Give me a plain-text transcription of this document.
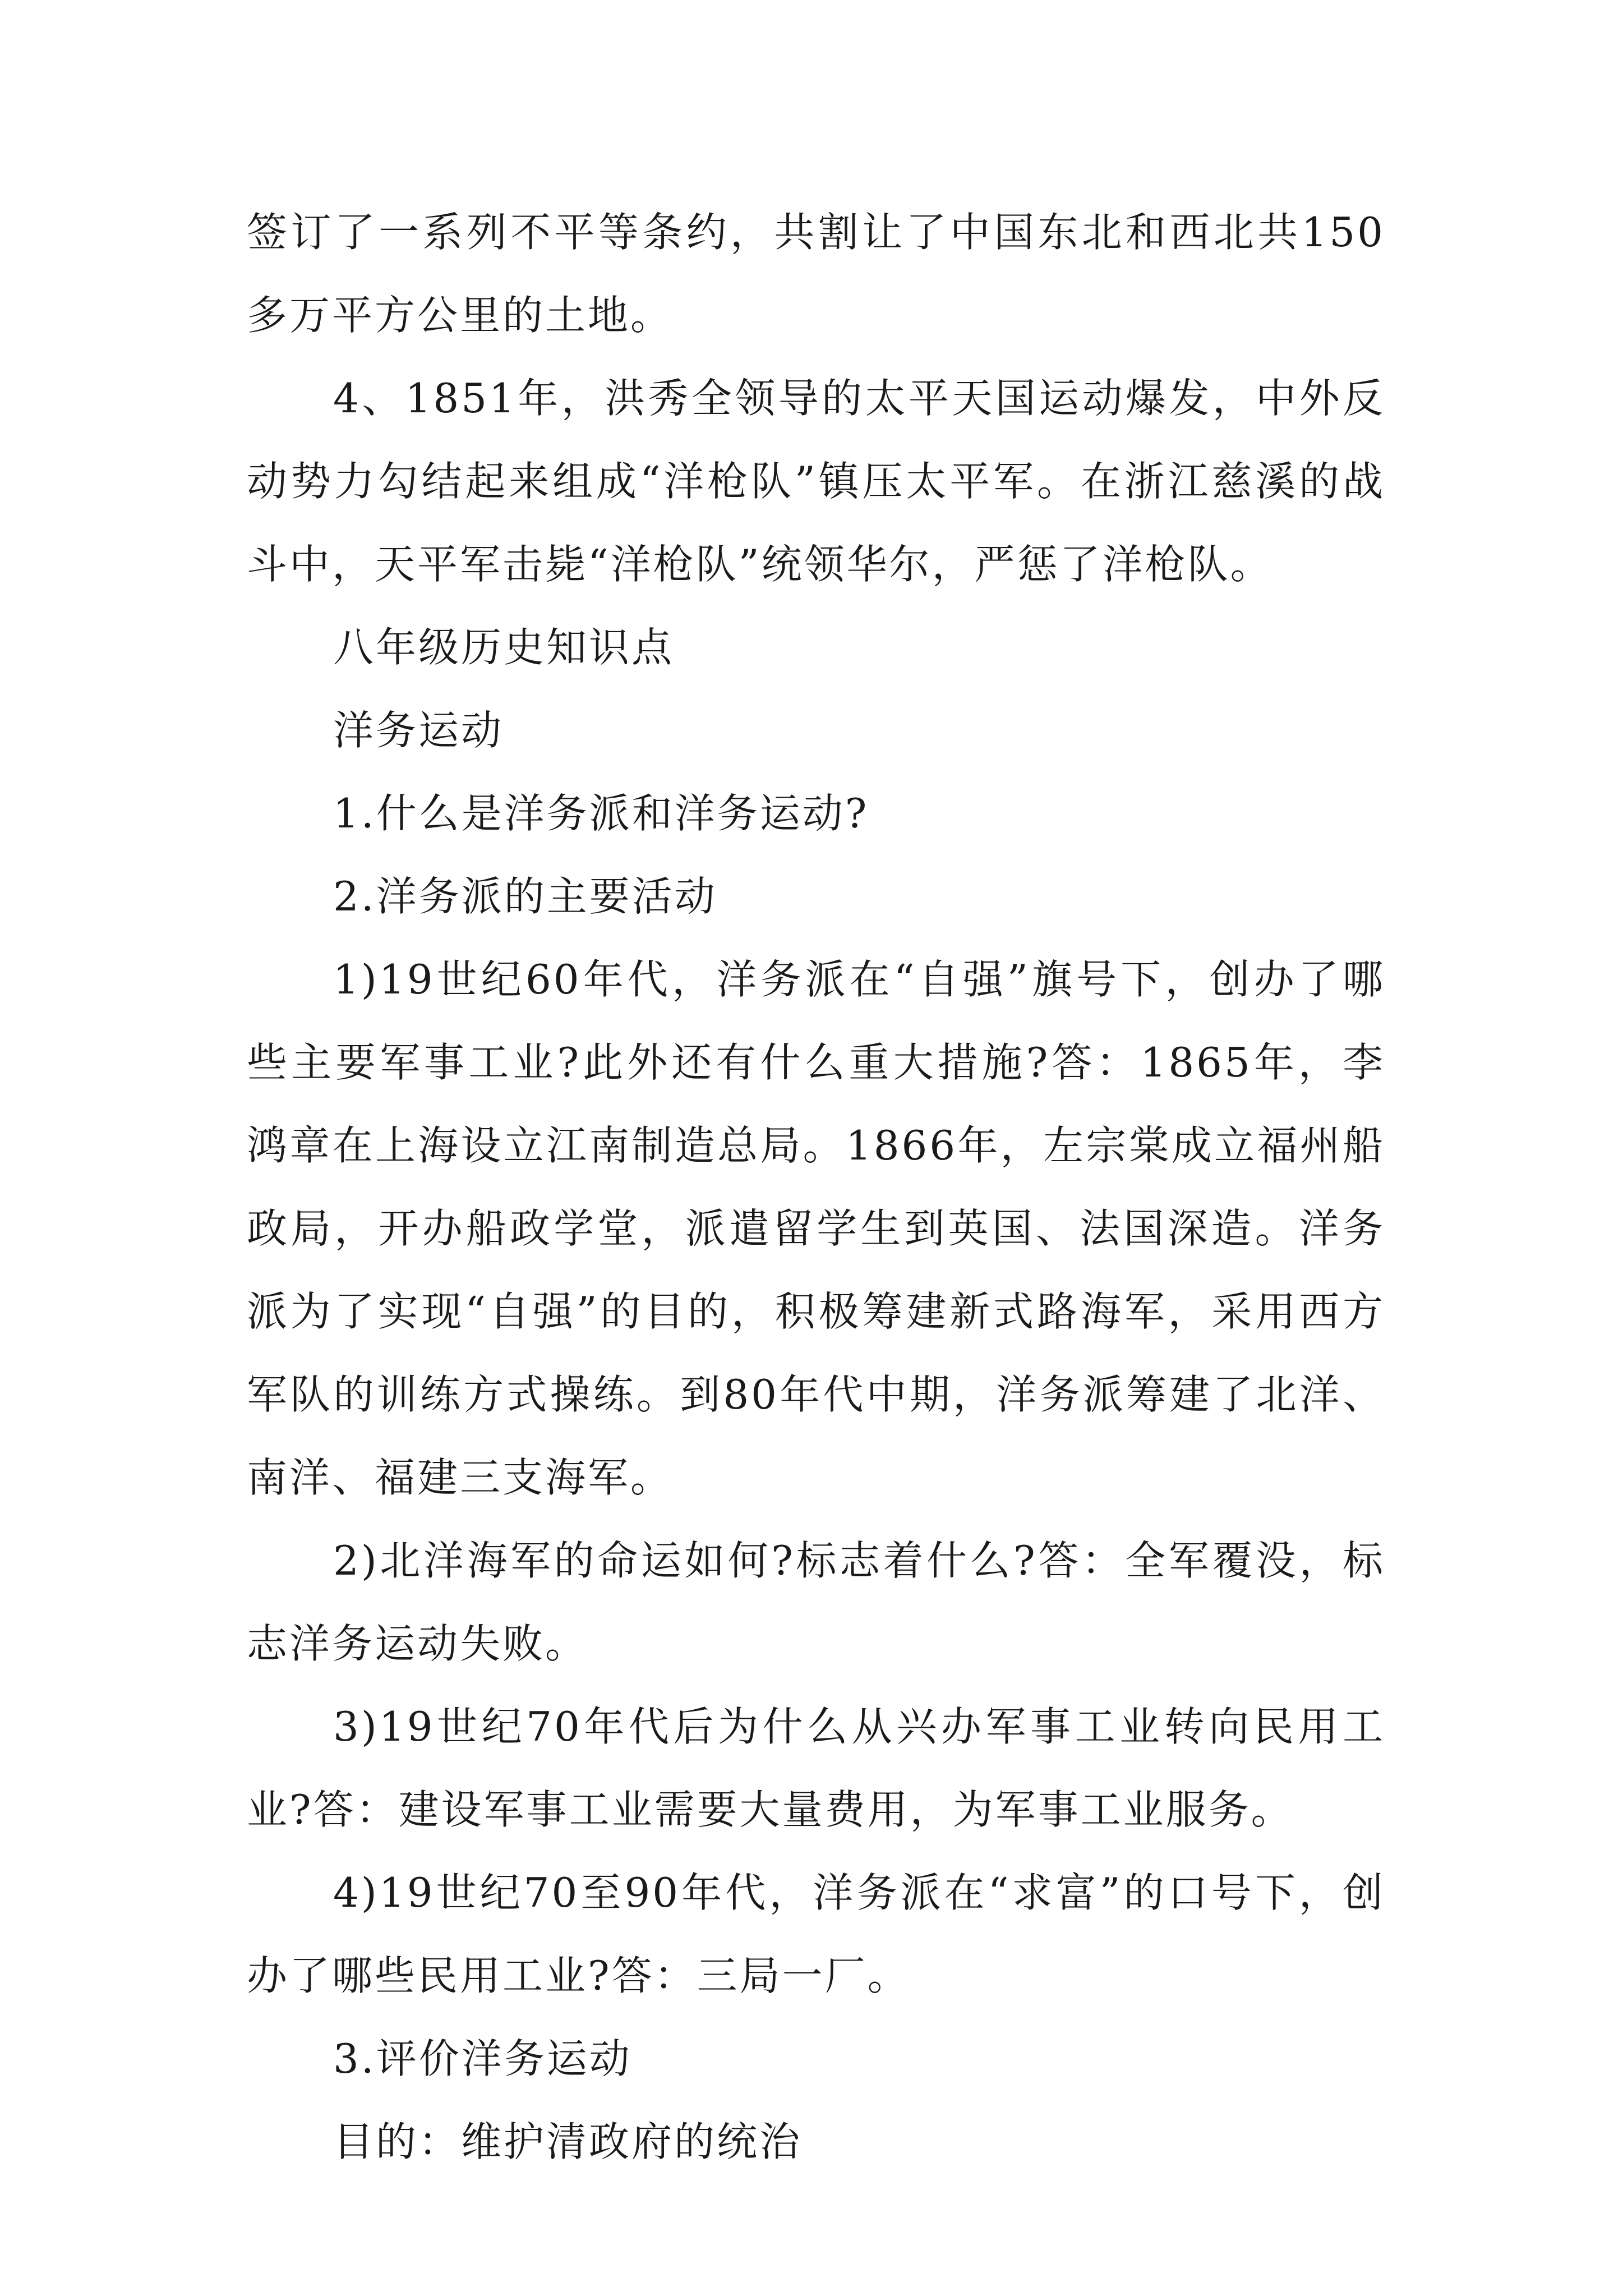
签订了一系列不平等条约，共割让了中国东北和西北共150多万平方公里的土地。

4、1851年，洪秀全领导的太平天国运动爆发，中外反动势力勾结起来组成“洋枪队”镇压太平军。在浙江慈溪的战斗中，天平军击毙“洋枪队”统领华尔，严惩了洋枪队。

八年级历史知识点

洋务运动

1.什么是洋务派和洋务运动?

2.洋务派的主要活动

1)19世纪60年代，洋务派在“自强”旗号下，创办了哪些主要军事工业?此外还有什么重大措施?答：1865年，李鸿章在上海设立江南制造总局。1866年，左宗棠成立福州船政局，开办船政学堂，派遣留学生到英国、法国深造。洋务派为了实现“自强”的目的，积极筹建新式路海军，采用西方军队的训练方式操练。到80年代中期，洋务派筹建了北洋、南洋、福建三支海军。

2)北洋海军的命运如何?标志着什么?答：全军覆没，标志洋务运动失败。

3)19世纪70年代后为什么从兴办军事工业转向民用工业?答：建设军事工业需要大量费用，为军事工业服务。

4)19世纪70至90年代，洋务派在“求富”的口号下，创办了哪些民用工业?答：三局一厂。

3.评价洋务运动

目的：维护清政府的统治
